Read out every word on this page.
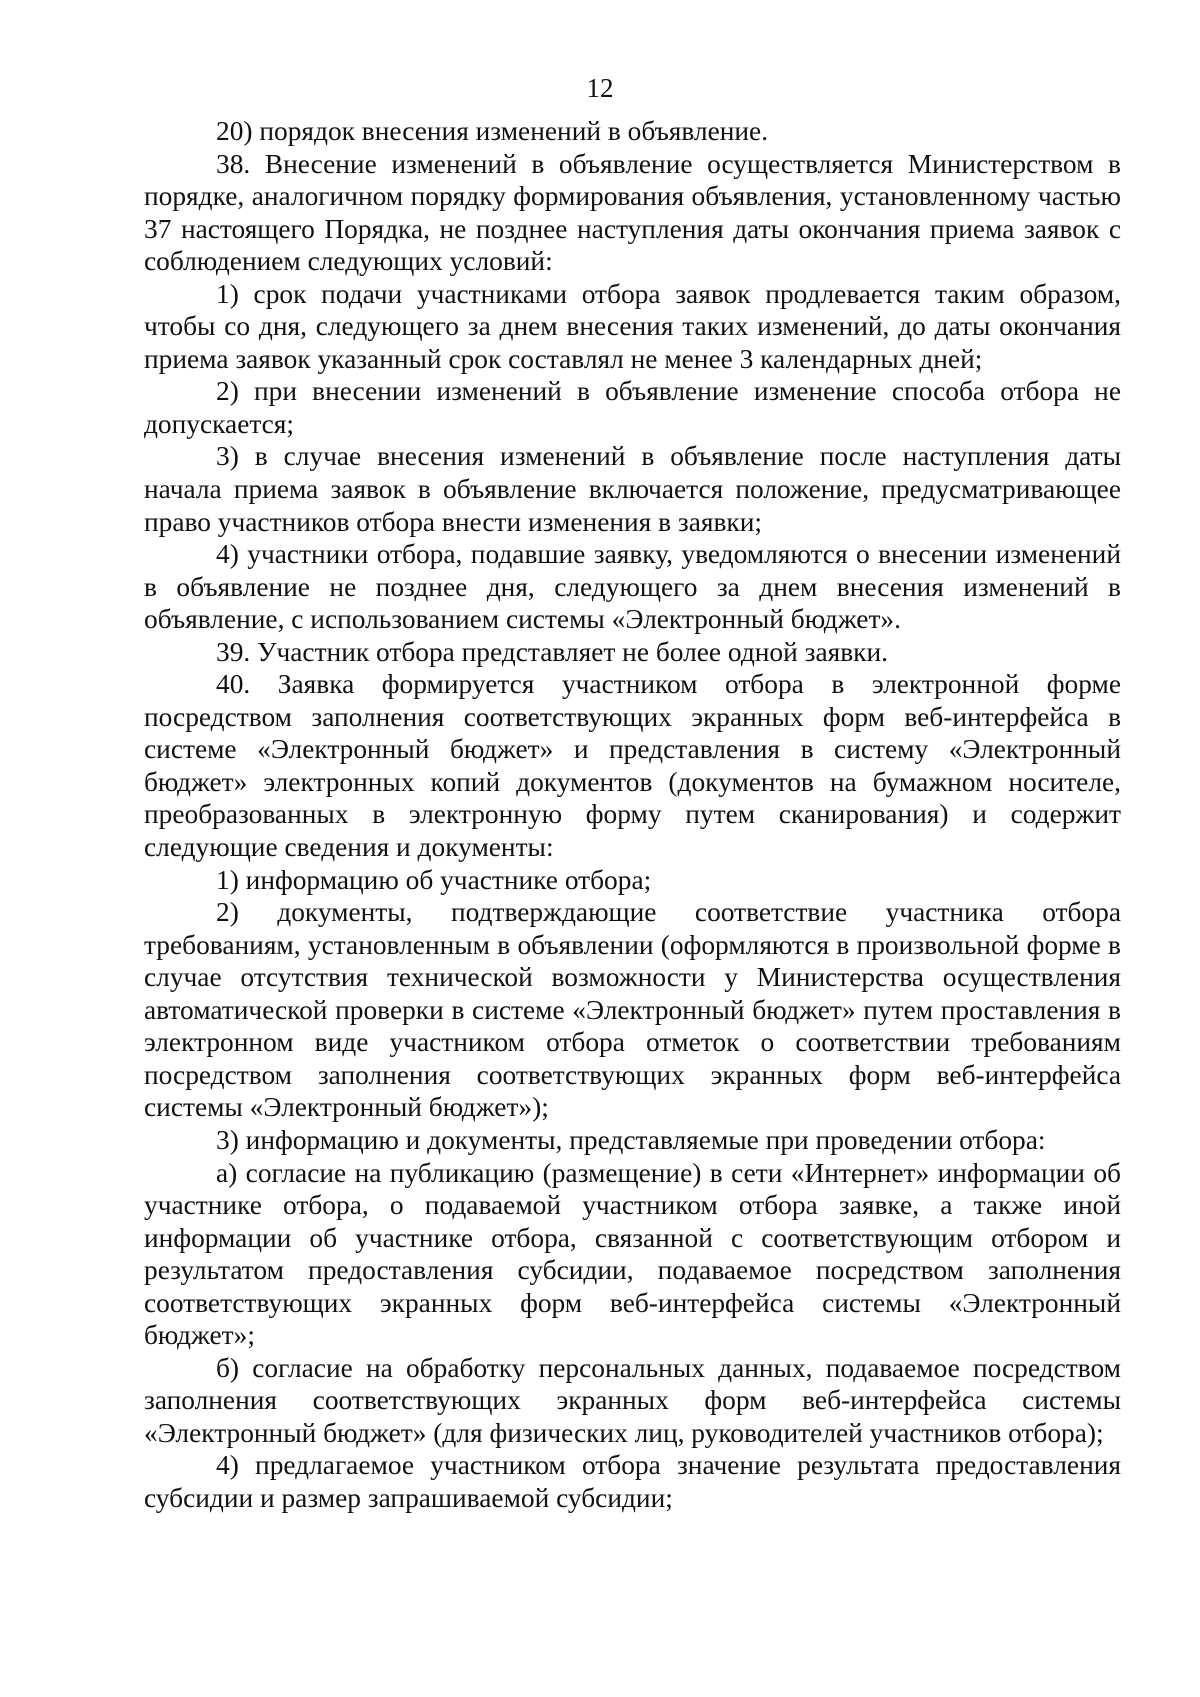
12

20) порядок внесения изменений в объявление.

38. Внесение изменений в объявление осуществляется Министерством в порядке, аналогичном порядку формирования объявления, установленному частью 37 настоящего Порядка, не позднее наступления даты окончания приема заявок с соблюдением следующих условий:

1) срок подачи участниками отбора заявок продлевается таким образом, чтобы со дня, следующего за днем внесения таких изменений, до даты окончания приема заявок указанный срок составлял не менее 3 календарных дней;

2) при внесении изменений в объявление изменение способа отбора не допускается;

3) в случае внесения изменений в объявление после наступления даты начала приема заявок в объявление включается положение, предусматривающее право участников отбора внести изменения в заявки;

4) участники отбора, подавшие заявку, уведомляются о внесении изменений в объявление не позднее дня, следующего за днем внесения изменений в объявление, с использованием системы «Электронный бюджет».

39. Участник отбора представляет не более одной заявки.

40. Заявка формируется участником отбора в электронной форме посредством заполнения соответствующих экранных форм веб-интерфейса в системе «Электронный бюджет» и представления в систему «Электронный бюджет» электронных копий документов (документов на бумажном носителе, преобразованных в электронную форму путем сканирования) и содержит следующие сведения и документы:

1) информацию об участнике отбора;

2) документы, подтверждающие соответствие участника отбора требованиям, установленным в объявлении (оформляются в произвольной форме в случае отсутствия технической возможности у Министерства осуществления автоматической проверки в системе «Электронный бюджет» путем проставления в электронном виде участником отбора отметок о соответствии требованиям посредством заполнения соответствующих экранных форм веб-интерфейса системы «Электронный бюджет»);

3) информацию и документы, представляемые при проведении отбора:

а) согласие на публикацию (размещение) в сети «Интернет» информации об участнике отбора, о подаваемой участником отбора заявке, а также иной информации об участнике отбора, связанной с соответствующим отбором и результатом предоставления субсидии, подаваемое посредством заполнения соответствующих экранных форм веб-интерфейса системы «Электронный бюджет»;

б) согласие на обработку персональных данных, подаваемое посредством заполнения соответствующих экранных форм веб-интерфейса системы «Электронный бюджет» (для физических лиц, руководителей участников отбора);

4) предлагаемое участником отбора значение результата предоставления субсидии и размер запрашиваемой субсидии;
